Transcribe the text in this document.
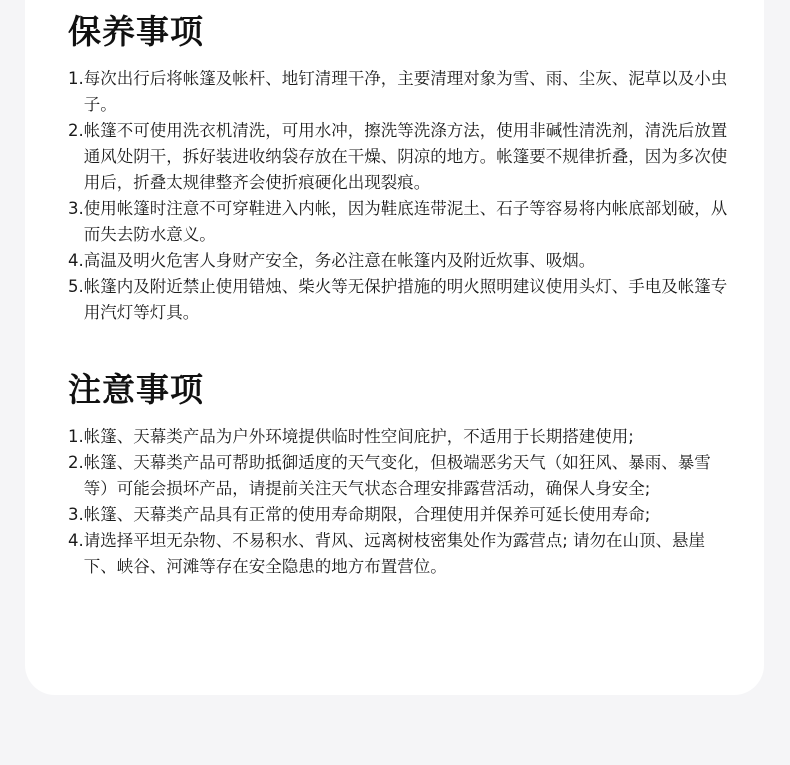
保养事项
1. 每次出行后将帐篷及帐杆、地钉清理干净，主要清理对象为雪、雨、尘灰、泥草以及小虫子。
2. 帐篷不可使用洗衣机清洗，可用水冲，擦洗等洗涤方法，使用非碱性清洗剂，清洗后放置通风处阴干，拆好装进收纳袋存放在干燥、阴凉的地方。帐篷要不规律折叠，因为多次使用后，折叠太规律整齐会使折痕硬化出现裂痕。
3. 使用帐篷时注意不可穿鞋进入内帐，因为鞋底连带泥土、石子等容易将内帐底部划破，从而失去防水意义。
4. 高温及明火危害人身财产安全，务必注意在帐篷内及附近炊事、吸烟。
5. 帐篷内及附近禁止使用错烛、柴火等无保护措施的明火照明建议使用头灯、手电及帐篷专用汽灯等灯具。
注意事项
1. 帐篷、天幕类产品为户外环境提供临时性空间庇护，不适用于长期搭建使用;
2. 帐篷、天幕类产品可帮助抵御适度的天气变化，但极端恶劣天气（如狂风、暴雨、暴雪等）可能会损坏产品，请提前关注天气状态合理安排露营活动，确保人身安全;
3. 帐篷、天幕类产品具有正常的使用寿命期限，合理使用并保养可延长使用寿命;
4. 请选择平坦无杂物、不易积水、背风、远离树枝密集处作为露营点; 请勿在山顶、悬崖下、峡谷、河滩等存在安全隐患的地方布置营位。
